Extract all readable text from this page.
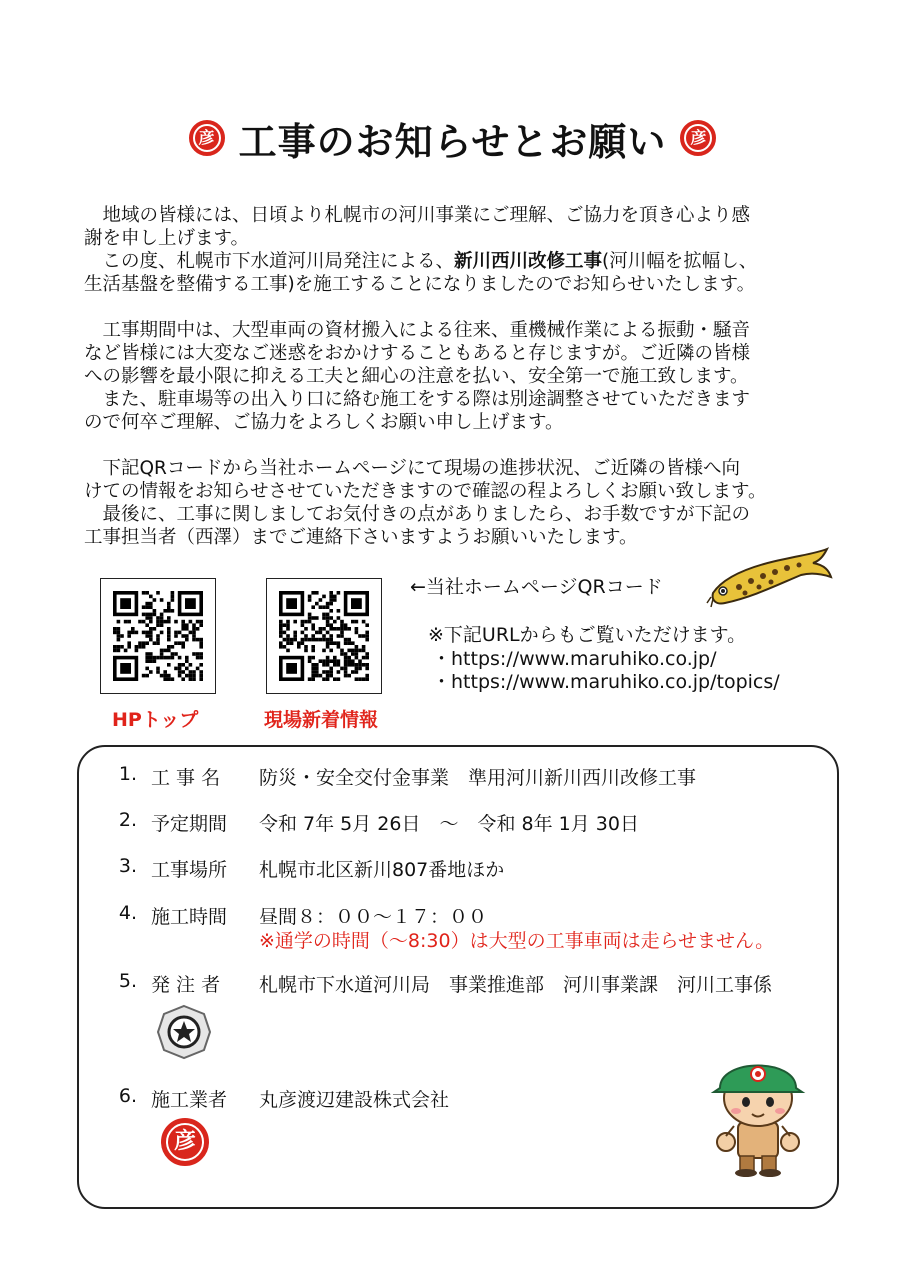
彦 工事のお知らせとお願い	彦

地域の皆様には、日頃より札幌市の河川事業にご理解、ご協力を頂き心より感

謝を申し上げます。

この度、札幌市下水道河川局発注による、新川西川改修工事(河川幅を拡幅し、

生活基盤を整備する工事)を施工することになりましたのでお知らせいたします。

工事期間中は、大型車両の資材搬入による往来、重機械作業による振動・騒音

など皆様には大変なご迷惑をおかけすることもあると存じますが。ご近隣の皆様

への影響を最小限に抑える工夫と細心の注意を払い、安全第一で施工致します。

また、駐車場等の出入り口に絡む施工をする際は別途調整させていただきます

ので何卒ご理解、ご協力をよろしくお願い申し上げます。

下記QRコードから当社ホームページにて現場の進捗状況、ご近隣の皆様へ向

けての情報をお知らせさせていただきますので確認の程よろしくお願い致します。

最後に、工事に関しましてお気付きの点がありましたら、お手数ですが下記の

工事担当者（西澤）までご連絡下さいますようお願いいたします。

HPトップ	現場新着情報
←当社ホームページQRコード
※下記URLからもご覧いただけます。
・https://www.maruhiko.co.jp/
・https://www.maruhiko.co.jp/topics/
1. 工 事 名 防災・安全交付金事業　準用河川新川西川改修工事
2. 予定期間 令和 7年 5月 26日　～　令和 8年 1月 30日
3. 工事場所 札幌市北区新川807番地ほか
4. 施工時間 昼間８：００～１７：００
※通学の時間（～8:30）は大型の工事車両は走らせません。
5. 発 注 者 札幌市下水道河川局　事業推進部　河川事業課　河川工事係
6. 施工業者 丸彦渡辺建設株式会社
彦
